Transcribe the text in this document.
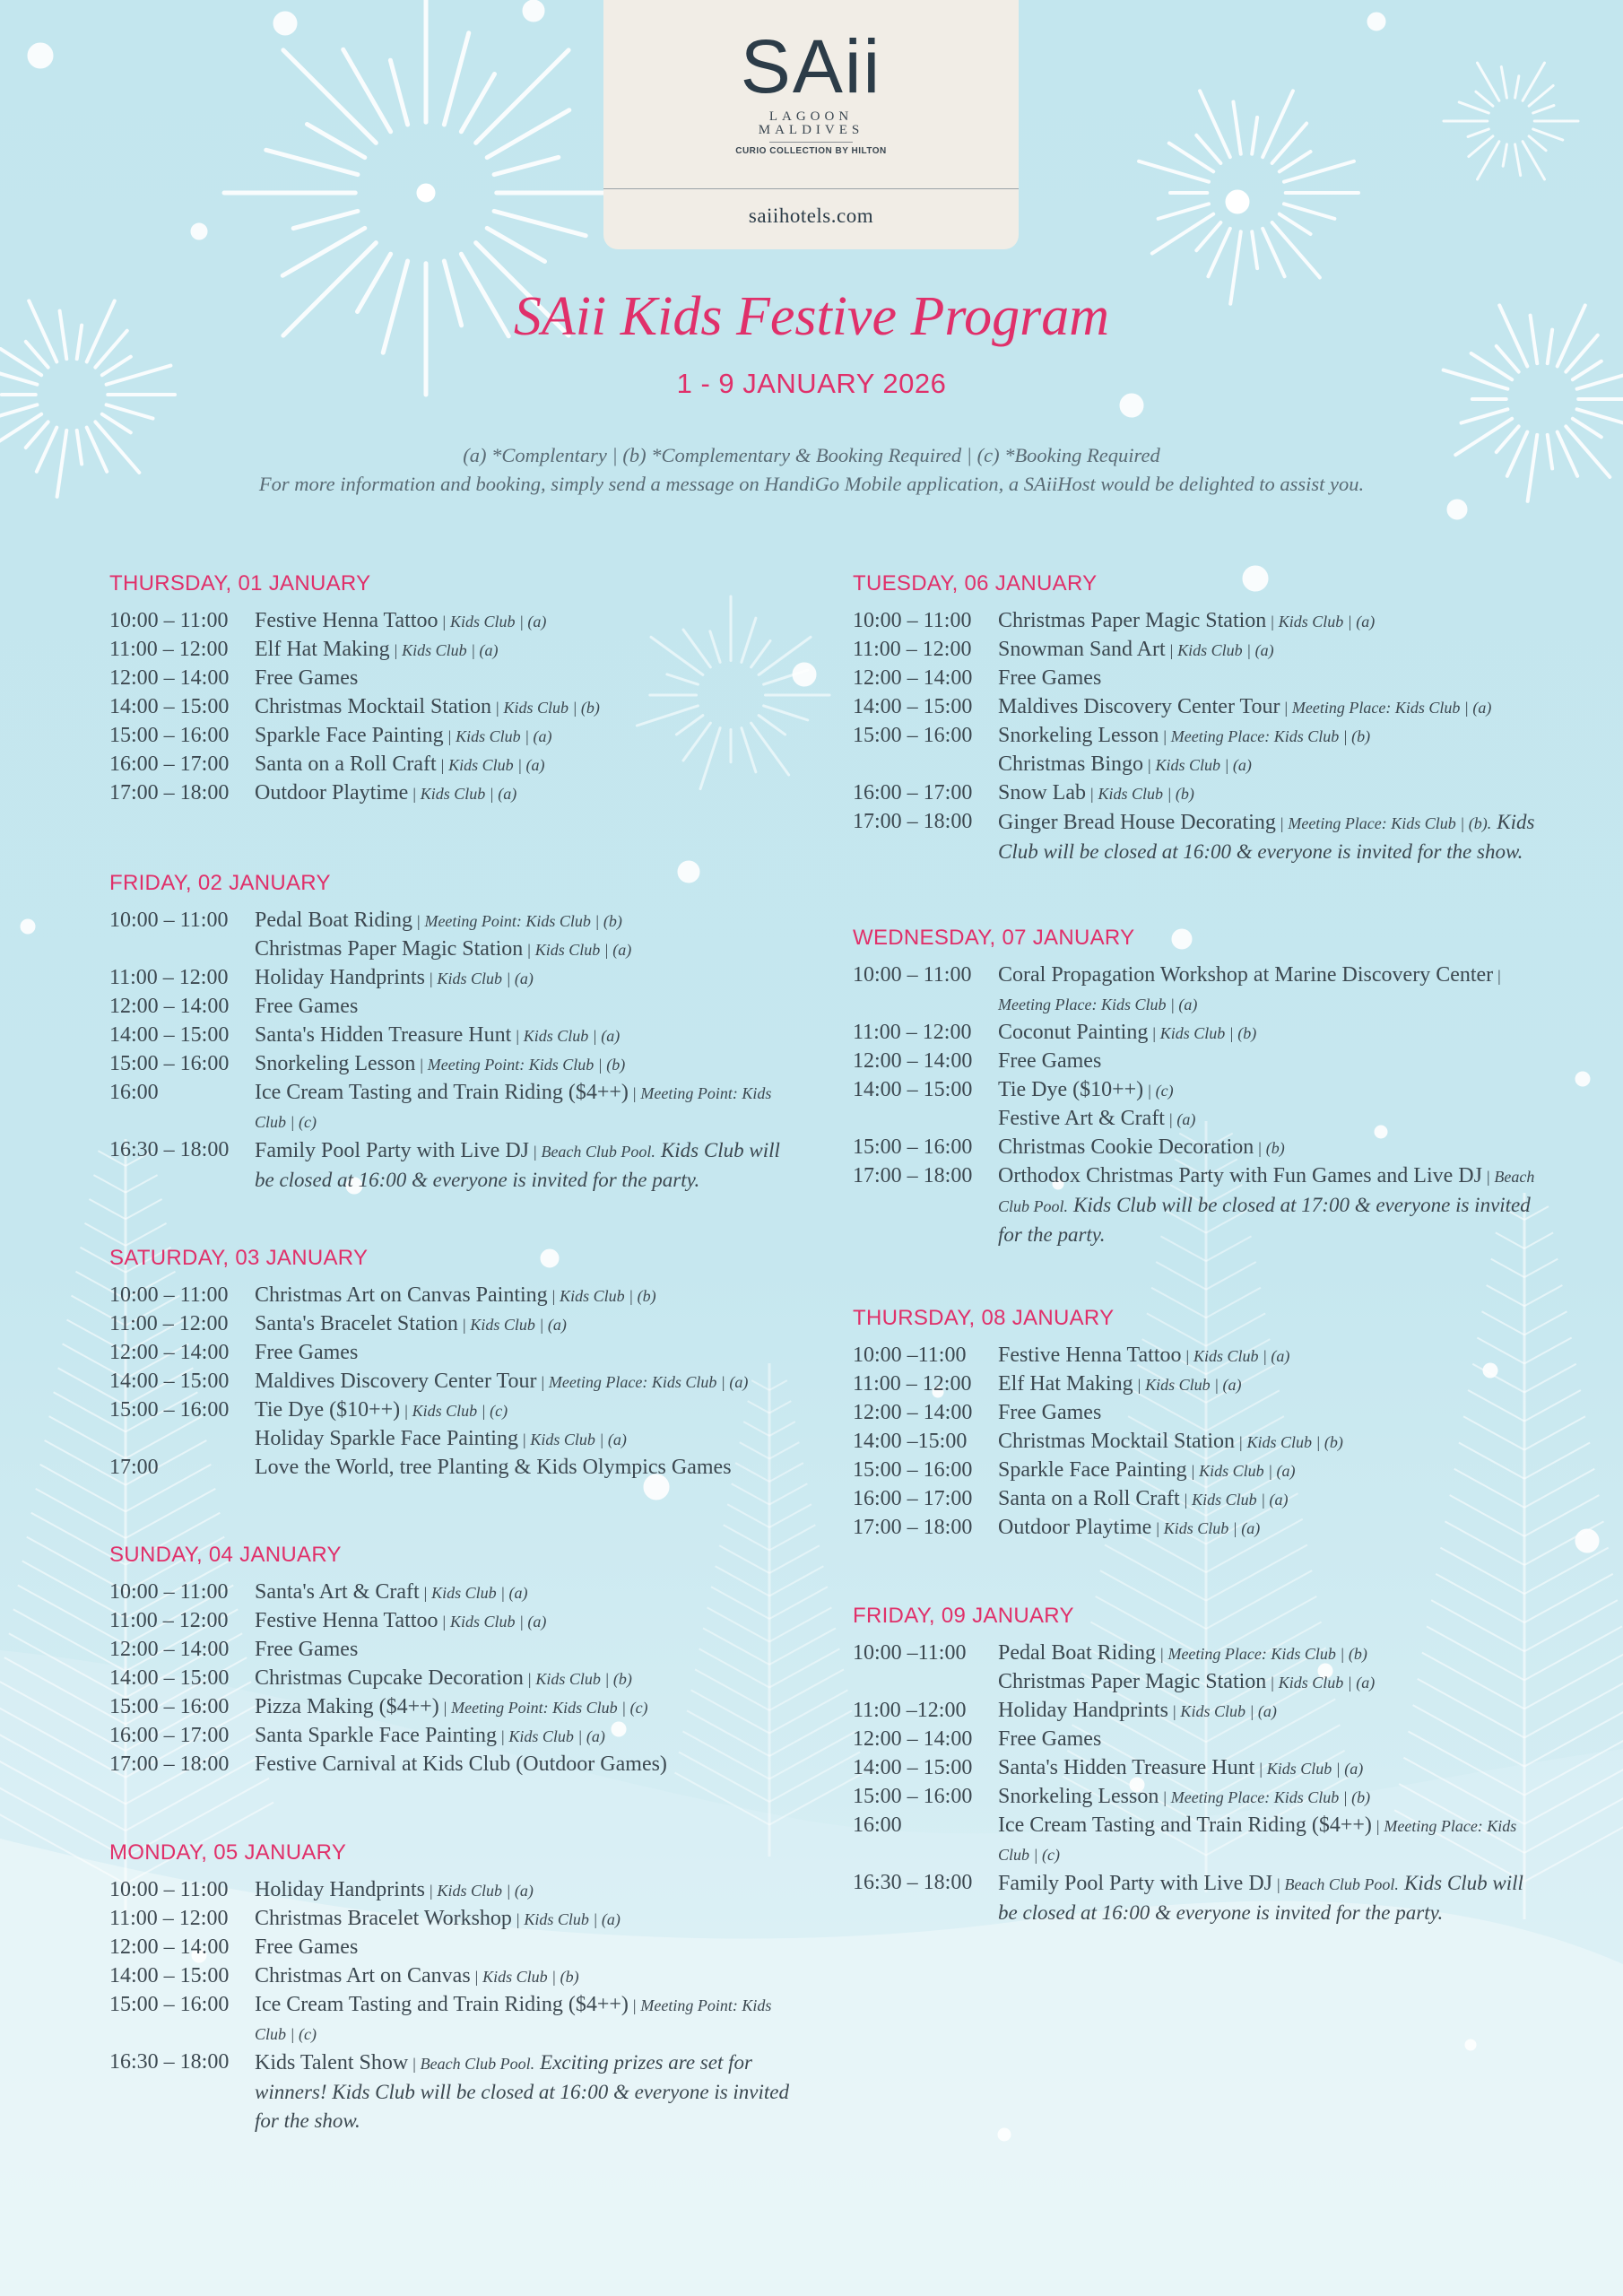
SAii
LAGOON
MALDIVES
CURIO COLLECTION BY HILTON
saiihotels.com
SAii Kids Festive Program
1 - 9 JANUARY 2026
(a) *Complentary | (b) *Complementary & Booking Required | (c) *Booking Required
For more information and booking, simply send a message on HandiGo Mobile application, a SAiiHost would be delighted to assist you.
THURSDAY, 01 JANUARY
10:00 – 11:00	Festive Henna Tattoo | Kids Club | (a)
11:00 – 12:00	Elf Hat Making | Kids Club | (a)
12:00 – 14:00	Free Games
14:00 – 15:00	Christmas Mocktail Station | Kids Club | (b)
15:00 – 16:00	Sparkle Face Painting | Kids Club | (a)
16:00 – 17:00	Santa on a Roll Craft | Kids Club | (a)
17:00 – 18:00	Outdoor Playtime | Kids Club | (a)
FRIDAY, 02 JANUARY
10:00 – 11:00	Pedal Boat Riding | Meeting Point: Kids Club | (b)
Christmas Paper Magic Station | Kids Club | (a)
11:00 – 12:00	Holiday Handprints | Kids Club | (a)
12:00 – 14:00	Free Games
14:00 – 15:00	Santa's Hidden Treasure Hunt | Kids Club | (a)
15:00 – 16:00	Snorkeling Lesson | Meeting Point: Kids Club | (b)
16:00	Ice Cream Tasting and Train Riding ($4++) | Meeting Point: Kids Club | (c)
16:30 – 18:00	Family Pool Party with Live DJ | Beach Club Pool. Kids Club will be closed at 16:00 & everyone is invited for the party.
SATURDAY, 03 JANUARY
10:00 – 11:00	Christmas Art on Canvas Painting | Kids Club | (b)
11:00 – 12:00	Santa's Bracelet Station | Kids Club | (a)
12:00 – 14:00	Free Games
14:00 – 15:00	Maldives Discovery Center Tour | Meeting Place: Kids Club | (a)
15:00 – 16:00	Tie Dye ($10++) | Kids Club | (c)
Holiday Sparkle Face Painting | Kids Club | (a)
17:00	Love the World, tree Planting & Kids Olympics Games
SUNDAY, 04 JANUARY
10:00 – 11:00	Santa's Art & Craft | Kids Club | (a)
11:00 – 12:00	Festive Henna Tattoo | Kids Club | (a)
12:00 – 14:00	Free Games
14:00 – 15:00	Christmas Cupcake Decoration | Kids Club | (b)
15:00 – 16:00	Pizza Making ($4++) | Meeting Point: Kids Club | (c)
16:00 – 17:00	Santa Sparkle Face Painting | Kids Club | (a)
17:00 – 18:00	Festive Carnival at Kids Club (Outdoor Games)
MONDAY, 05 JANUARY
10:00 – 11:00	Holiday Handprints | Kids Club | (a)
11:00 – 12:00	Christmas Bracelet Workshop | Kids Club | (a)
12:00 – 14:00	Free Games
14:00 – 15:00	Christmas Art on Canvas | Kids Club | (b)
15:00 – 16:00	Ice Cream Tasting and Train Riding ($4++) | Meeting Point: Kids Club | (c)
16:30 – 18:00	Kids Talent Show | Beach Club Pool. Exciting prizes are set for winners! Kids Club will be closed at 16:00 & everyone is invited for the show.
TUESDAY, 06 JANUARY
10:00 – 11:00	Christmas Paper Magic Station | Kids Club | (a)
11:00 – 12:00	Snowman Sand Art | Kids Club | (a)
12:00 – 14:00	Free Games
14:00 – 15:00	Maldives Discovery Center Tour | Meeting Place: Kids Club | (a)
15:00 – 16:00	Snorkeling Lesson | Meeting Place: Kids Club | (b)
Christmas Bingo | Kids Club | (a)
16:00 – 17:00	Snow Lab | Kids Club | (b)
17:00 – 18:00	Ginger Bread House Decorating | Meeting Place: Kids Club | (b). Kids Club will be closed at 16:00 & everyone is invited for the show.
WEDNESDAY, 07 JANUARY
10:00 – 11:00	Coral Propagation Workshop at Marine Discovery Center | Meeting Place: Kids Club | (a)
11:00 – 12:00	Coconut Painting | Kids Club | (b)
12:00 – 14:00	Free Games
14:00 – 15:00	Tie Dye ($10++) | (c)
Festive Art & Craft | (a)
15:00 – 16:00	Christmas Cookie Decoration | (b)
17:00 – 18:00	Orthodox Christmas Party with Fun Games and Live DJ | Beach Club Pool. Kids Club will be closed at 17:00 & everyone is invited for the party.
THURSDAY, 08 JANUARY
10:00 –11:00	Festive Henna Tattoo | Kids Club | (a)
11:00 – 12:00	Elf Hat Making | Kids Club | (a)
12:00 – 14:00	Free Games
14:00 –15:00	Christmas Mocktail Station | Kids Club | (b)
15:00 – 16:00	Sparkle Face Painting | Kids Club | (a)
16:00 – 17:00	Santa on a Roll Craft | Kids Club | (a)
17:00 – 18:00	Outdoor Playtime | Kids Club | (a)
FRIDAY, 09 JANUARY
10:00 –11:00	Pedal Boat Riding | Meeting Place: Kids Club | (b)
Christmas Paper Magic Station | Kids Club | (a)
11:00 –12:00	Holiday Handprints | Kids Club | (a)
12:00 – 14:00	Free Games
14:00 – 15:00	Santa's Hidden Treasure Hunt | Kids Club | (a)
15:00 – 16:00	Snorkeling Lesson | Meeting Place: Kids Club | (b)
16:00	Ice Cream Tasting and Train Riding ($4++) | Meeting Place: Kids Club | (c)
16:30 – 18:00	Family Pool Party with Live DJ | Beach Club Pool. Kids Club will be closed at 16:00 & everyone is invited for the party.
